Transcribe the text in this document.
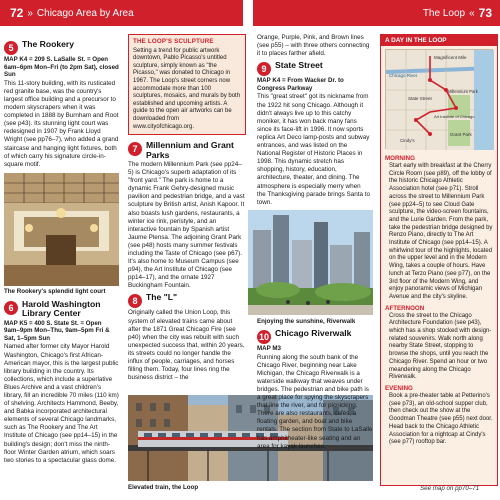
72 » Chicago Area by Area	The Loop « 73
5 The Rookery
MAP K4 = 209 S. LaSalle St. = Open 6am–6pm Mon–Fri (to 2pm Sat), closed Sun
This 11-story building, with its rusticated red granite base, was the country's largest office building and a precursor to modern skyscrapers when it was completed in 1888 by Burnham and Root (see p43). Its stunning light court was redesigned in 1907 by Frank Lloyd Wright (see pp76–7), who added a grand staircase and hanging light fixtures, both of which carry his signature circle-in-square motif.
The Rookery's splendid light court
6 Harold Washington Library Center
MAP K5 = 400 S. State St. = Open 9am–9pm Mon–Thu, 9am–5pm Fri & Sat, 1–5pm Sun
Named after former city Mayor Harold Washington, Chicago's first African-American mayor, this is the largest public library building in the country. Its collections, which include a superlative Blues Archive and a vast children's library, fill an incredible 70 miles (110 km) of shelving. Architects Hammond, Beeby, and Babka incorporated architectural elements of several Chicago landmarks, such as The Rookery and The Art Institute of Chicago (see pp14–15) in the building's design; don't miss the ninth-floor Winter Garden atrium, which soars two stories to a spectacular glass dome.
THE LOOP'S SCULPTURE
Setting a trend for public artwork downtown, Pablo Picasso's untitled sculpture, simply known as "the Picasso," was donated to Chicago in 1967. The Loop's street corners now accommodate more than 100 sculptures, mosaics, and murals by both established and upcoming artists. A guide to the open air artworks can be downloaded from www.cityofchicago.org.
7 Millennium and Grant Parks
The modern Millennium Park (see pp24–5) is Chicago's superb adaptation of its "front yard." The park is home to a dynamic Frank Gehry-designed music pavilion and pedestrian bridge, and a vast sculpture by British artist, Anish Kapoor. It also boasts lush gardens, restaurants, a winter ice rink, peristyle, and an interactive fountain by Spanish artist Jaume Plensa. The adjoining Grant Park (see p48) hosts many summer festivals including the Taste of Chicago (see p67). It's also home to Museum Campus (see p94), the Art Institute of Chicago (see pp14–17), and the ornate 1927 Buckingham Fountain.
8 The "L"
Originally called the Union Loop, this system of elevated trains came about after the 1871 Great Chicago Fire (see p40) when the city was rebuilt with such unexpected success that, within 20 years, its streets could no longer handle the influx of people, carriages, and horses filling them. Today, four lines ring the business district – the
Elevated train, the Loop
Orange, Purple, Pink, and Brown lines (see p55) – with three others connecting it to places farther afield.
9 State Street
MAP K4 = From Wacker Dr. to Congress Parkway
This "great street" got its nickname from the 1922 hit song Chicago. Although it didn't always live up to this catchy moniker, it has won back many fans since its face-lift in 1996. It now sports replica Art Deco lamp-posts and subway entrances, and was listed on the National Register of Historic Places in 1998. This dynamic stretch has shopping, history, education, architecture, theater, and dining. The atmosphere is especially merry when the Thanksgiving parade brings Santa to town.
Enjoying the sunshine, Riverwalk
10 Chicago Riverwalk
MAP M3
Running along the south bank of the Chicago River, beginning near Lake Michigan, the Chicago Riverwalk is a waterside walkway that weaves under bridges. The pedestrian and bike path is a great place for spying the skyscrapers that line the river, and for picnicking. There are also restaurants, cafés, a floating garden, and boat and bike rentals. The section from State to LaSalle has amphitheater-like seating and an area for kayak launches.
A DAY IN THE LOOP
Magnificent Mile
Chicago River
State Street
Millennium Park
Art Institute of Chicago
Grant Park
Cindy's
MORNING
Start early with breakfast at the Cherry Circle Room (see p89), off the lobby of the historic Chicago Athletic Association hotel (see p71). Stroll across the street to Millennium Park (see pp24–5) to see Cloud Gate sculpture, the video-screen fountains, and the Lurie Garden. From the park, take the pedestrian bridge designed by Renzo Piano, directly to The Art Institute of Chicago (see pp14–15). A whirlwind tour of the highlights, located on the upper level and in the Modern Wing, takes a couple of hours. Have lunch at Terzo Piano (see p77), on the 3rd floor of the Modern Wing, and enjoy panoramic views of Michigan Avenue and the city's skyline.
AFTERNOON
Cross the street to the Chicago Architecture Foundation (see p43), which has a shop stocked with design- related souvenirs. Walk north along nearby State Street, stopping to browse the shops, until you reach the Chicago River. Spend an hour or two meandering along the Chicago Riverwalk.
EVENING
Book a pre-theater table at Petterino's (see p73), an old-school supper club, then check out the show at the Goodman Theatre (see p55) next door. Head back to the Chicago Athletic Association for a nightcap at Cindy's (see p77) rooftop bar.
See map on pp70–71
